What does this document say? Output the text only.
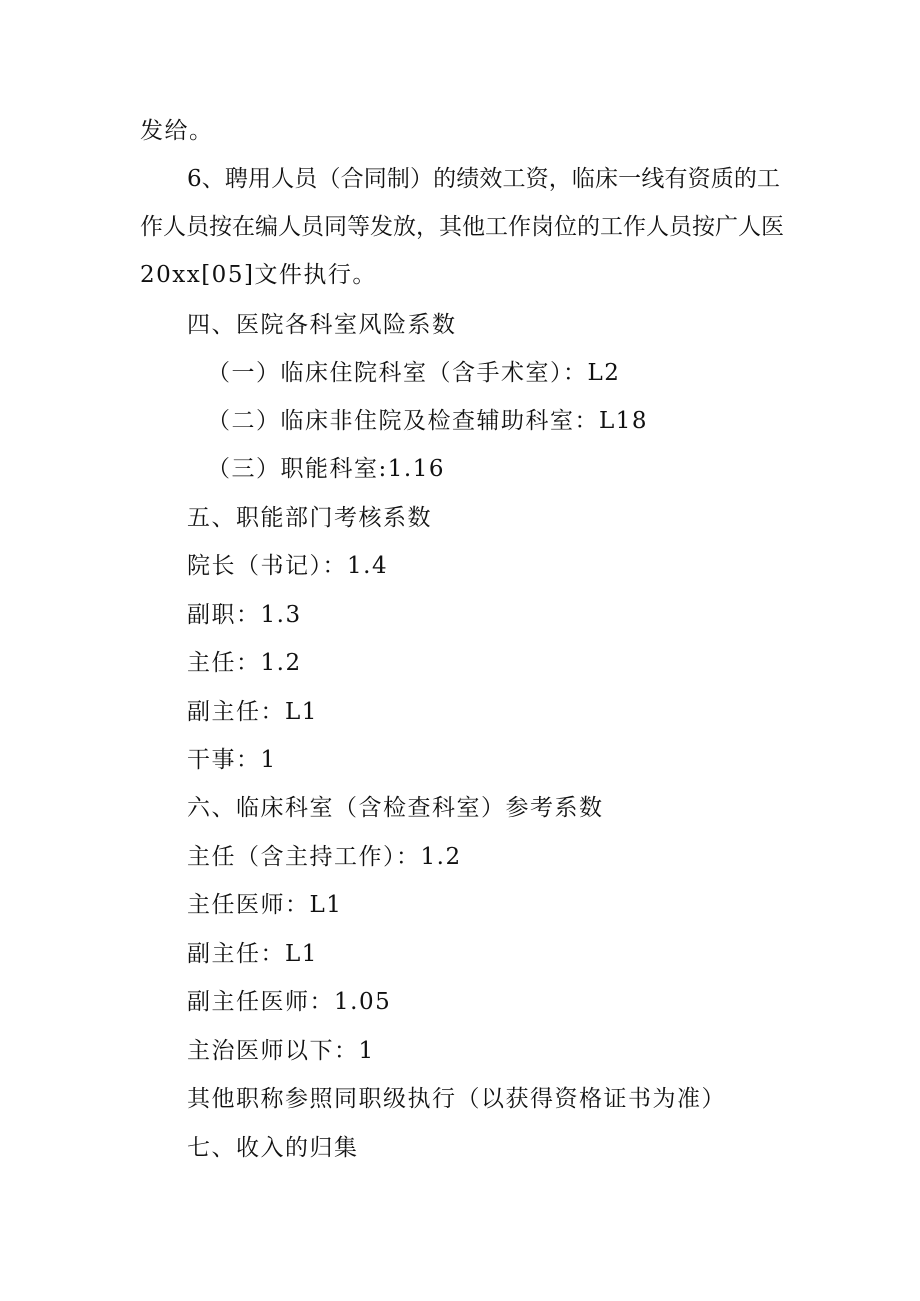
发给。
6、聘用人员（合同制）的绩效工资，临床一线有资质的工
作人员按在编人员同等发放，其他工作岗位的工作人员按广人医
20xx[05]文件执行。
四、医院各科室风险系数
（一）临床住院科室（含手术室）：L2
（二）临床非住院及检查辅助科室：L18
（三）职能科室:1.16
五、职能部门考核系数
院长（书记）：1.4
副职：1.3
主任：1.2
副主任：L1
干事：1
六、临床科室（含检查科室）参考系数
主任（含主持工作）：1.2
主任医师：L1
副主任：L1
副主任医师：1.05
主治医师以下：1
其他职称参照同职级执行（以获得资格证书为准）
七、收入的归集
